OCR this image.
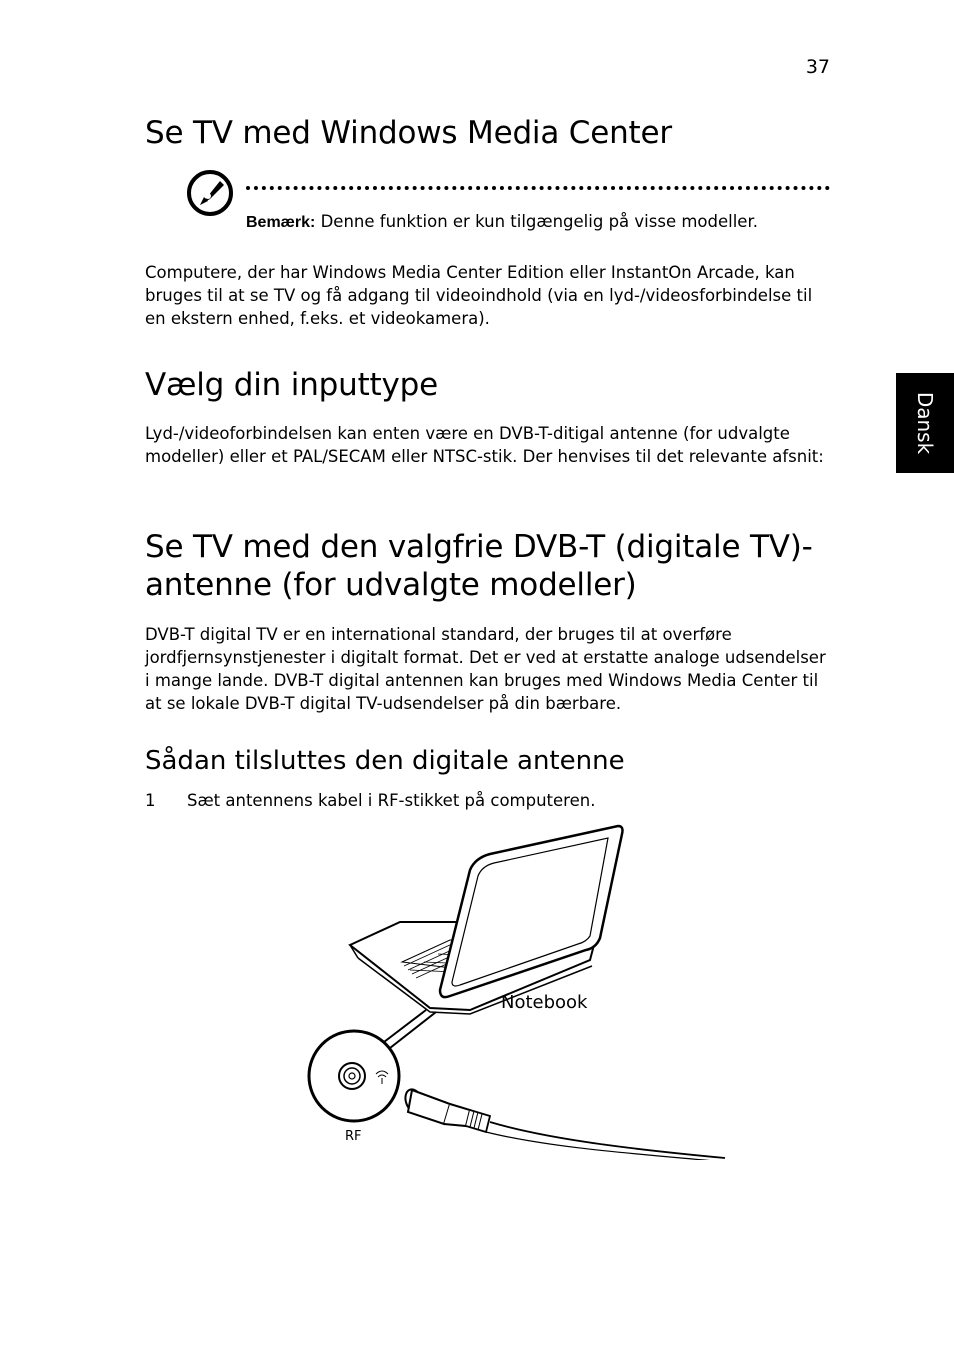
37
Dansk
Se TV med Windows Media Center
Bemærk: Denne funktion er kun tilgængelig på visse modeller.

Computere, der har Windows Media Center Edition eller InstantOn Arcade, kan bruges til at se TV og få adgang til videoindhold (via en lyd-/videosforbindelse til en ekstern enhed, f.eks. et videokamera).

Vælg din inputtype

Lyd-/videoforbindelsen kan enten være en DVB-T-ditigal antenne (for udvalgte modeller) eller et PAL/SECAM eller NTSC-stik. Der henvises til det relevante afsnit:

Se TV med den valgfrie DVB-T (digitale TV)-
antenne (for udvalgte modeller)

DVB-T digital TV er en international standard, der bruges til at overføre jordfjernsynstjenester i digitalt format. Det er ved at erstatte analoge udsendelser i mange lande. DVB-T digital antennen kan bruges med Windows Media Center til at se lokale DVB-T digital TV-udsendelser på din bærbare.

Sådan tilsluttes den digitale antenne
1 Sæt antennens kabel i RF-stikket på computeren.
Notebook
RF
